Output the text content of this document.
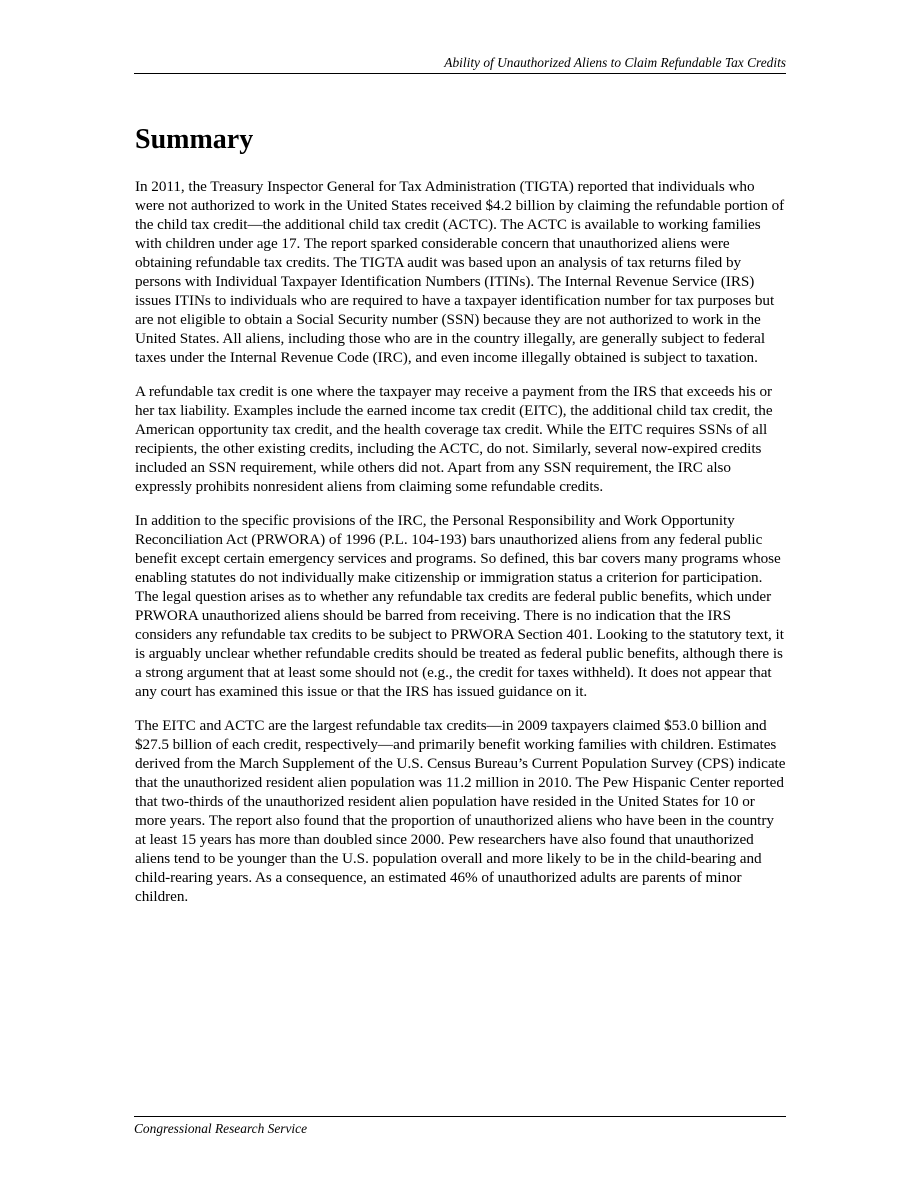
Ability of Unauthorized Aliens to Claim Refundable Tax Credits
Summary

In 2011, the Treasury Inspector General for Tax Administration (TIGTA) reported that individuals who were not authorized to work in the United States received $4.2 billion by claiming the refundable portion of the child tax credit—the additional child tax credit (ACTC). The ACTC is available to working families with children under age 17. The report sparked considerable concern that unauthorized aliens were obtaining refundable tax credits. The TIGTA audit was based upon an analysis of tax returns filed by persons with Individual Taxpayer Identification Numbers (ITINs). The Internal Revenue Service (IRS) issues ITINs to individuals who are required to have a taxpayer identification number for tax purposes but are not eligible to obtain a Social Security number (SSN) because they are not authorized to work in the United States. All aliens, including those who are in the country illegally, are generally subject to federal taxes under the Internal Revenue Code (IRC), and even income illegally obtained is subject to taxation.

A refundable tax credit is one where the taxpayer may receive a payment from the IRS that exceeds his or her tax liability. Examples include the earned income tax credit (EITC), the additional child tax credit, the American opportunity tax credit, and the health coverage tax credit. While the EITC requires SSNs of all recipients, the other existing credits, including the ACTC, do not. Similarly, several now-expired credits included an SSN requirement, while others did not. Apart from any SSN requirement, the IRC also expressly prohibits nonresident aliens from claiming some refundable credits.

In addition to the specific provisions of the IRC, the Personal Responsibility and Work Opportunity Reconciliation Act (PRWORA) of 1996 (P.L. 104-193) bars unauthorized aliens from any federal public benefit except certain emergency services and programs. So defined, this bar covers many programs whose enabling statutes do not individually make citizenship or immigration status a criterion for participation. The legal question arises as to whether any refundable tax credits are federal public benefits, which under PRWORA unauthorized aliens should be barred from receiving. There is no indication that the IRS considers any refundable tax credits to be subject to PRWORA Section 401. Looking to the statutory text, it is arguably unclear whether refundable credits should be treated as federal public benefits, although there is a strong argument that at least some should not (e.g., the credit for taxes withheld). It does not appear that any court has examined this issue or that the IRS has issued guidance on it.

The EITC and ACTC are the largest refundable tax credits—in 2009 taxpayers claimed $53.0 billion and $27.5 billion of each credit, respectively—and primarily benefit working families with children. Estimates derived from the March Supplement of the U.S. Census Bureau’s Current Population Survey (CPS) indicate that the unauthorized resident alien population was 11.2 million in 2010. The Pew Hispanic Center reported that two-thirds of the unauthorized resident alien population have resided in the United States for 10 or more years. The report also found that the proportion of unauthorized aliens who have been in the country at least 15 years has more than doubled since 2000. Pew researchers have also found that unauthorized aliens tend to be younger than the U.S. population overall and more likely to be in the child-bearing and child-rearing years. As a consequence, an estimated 46% of unauthorized adults are parents of minor children.

Congressional Research Service
